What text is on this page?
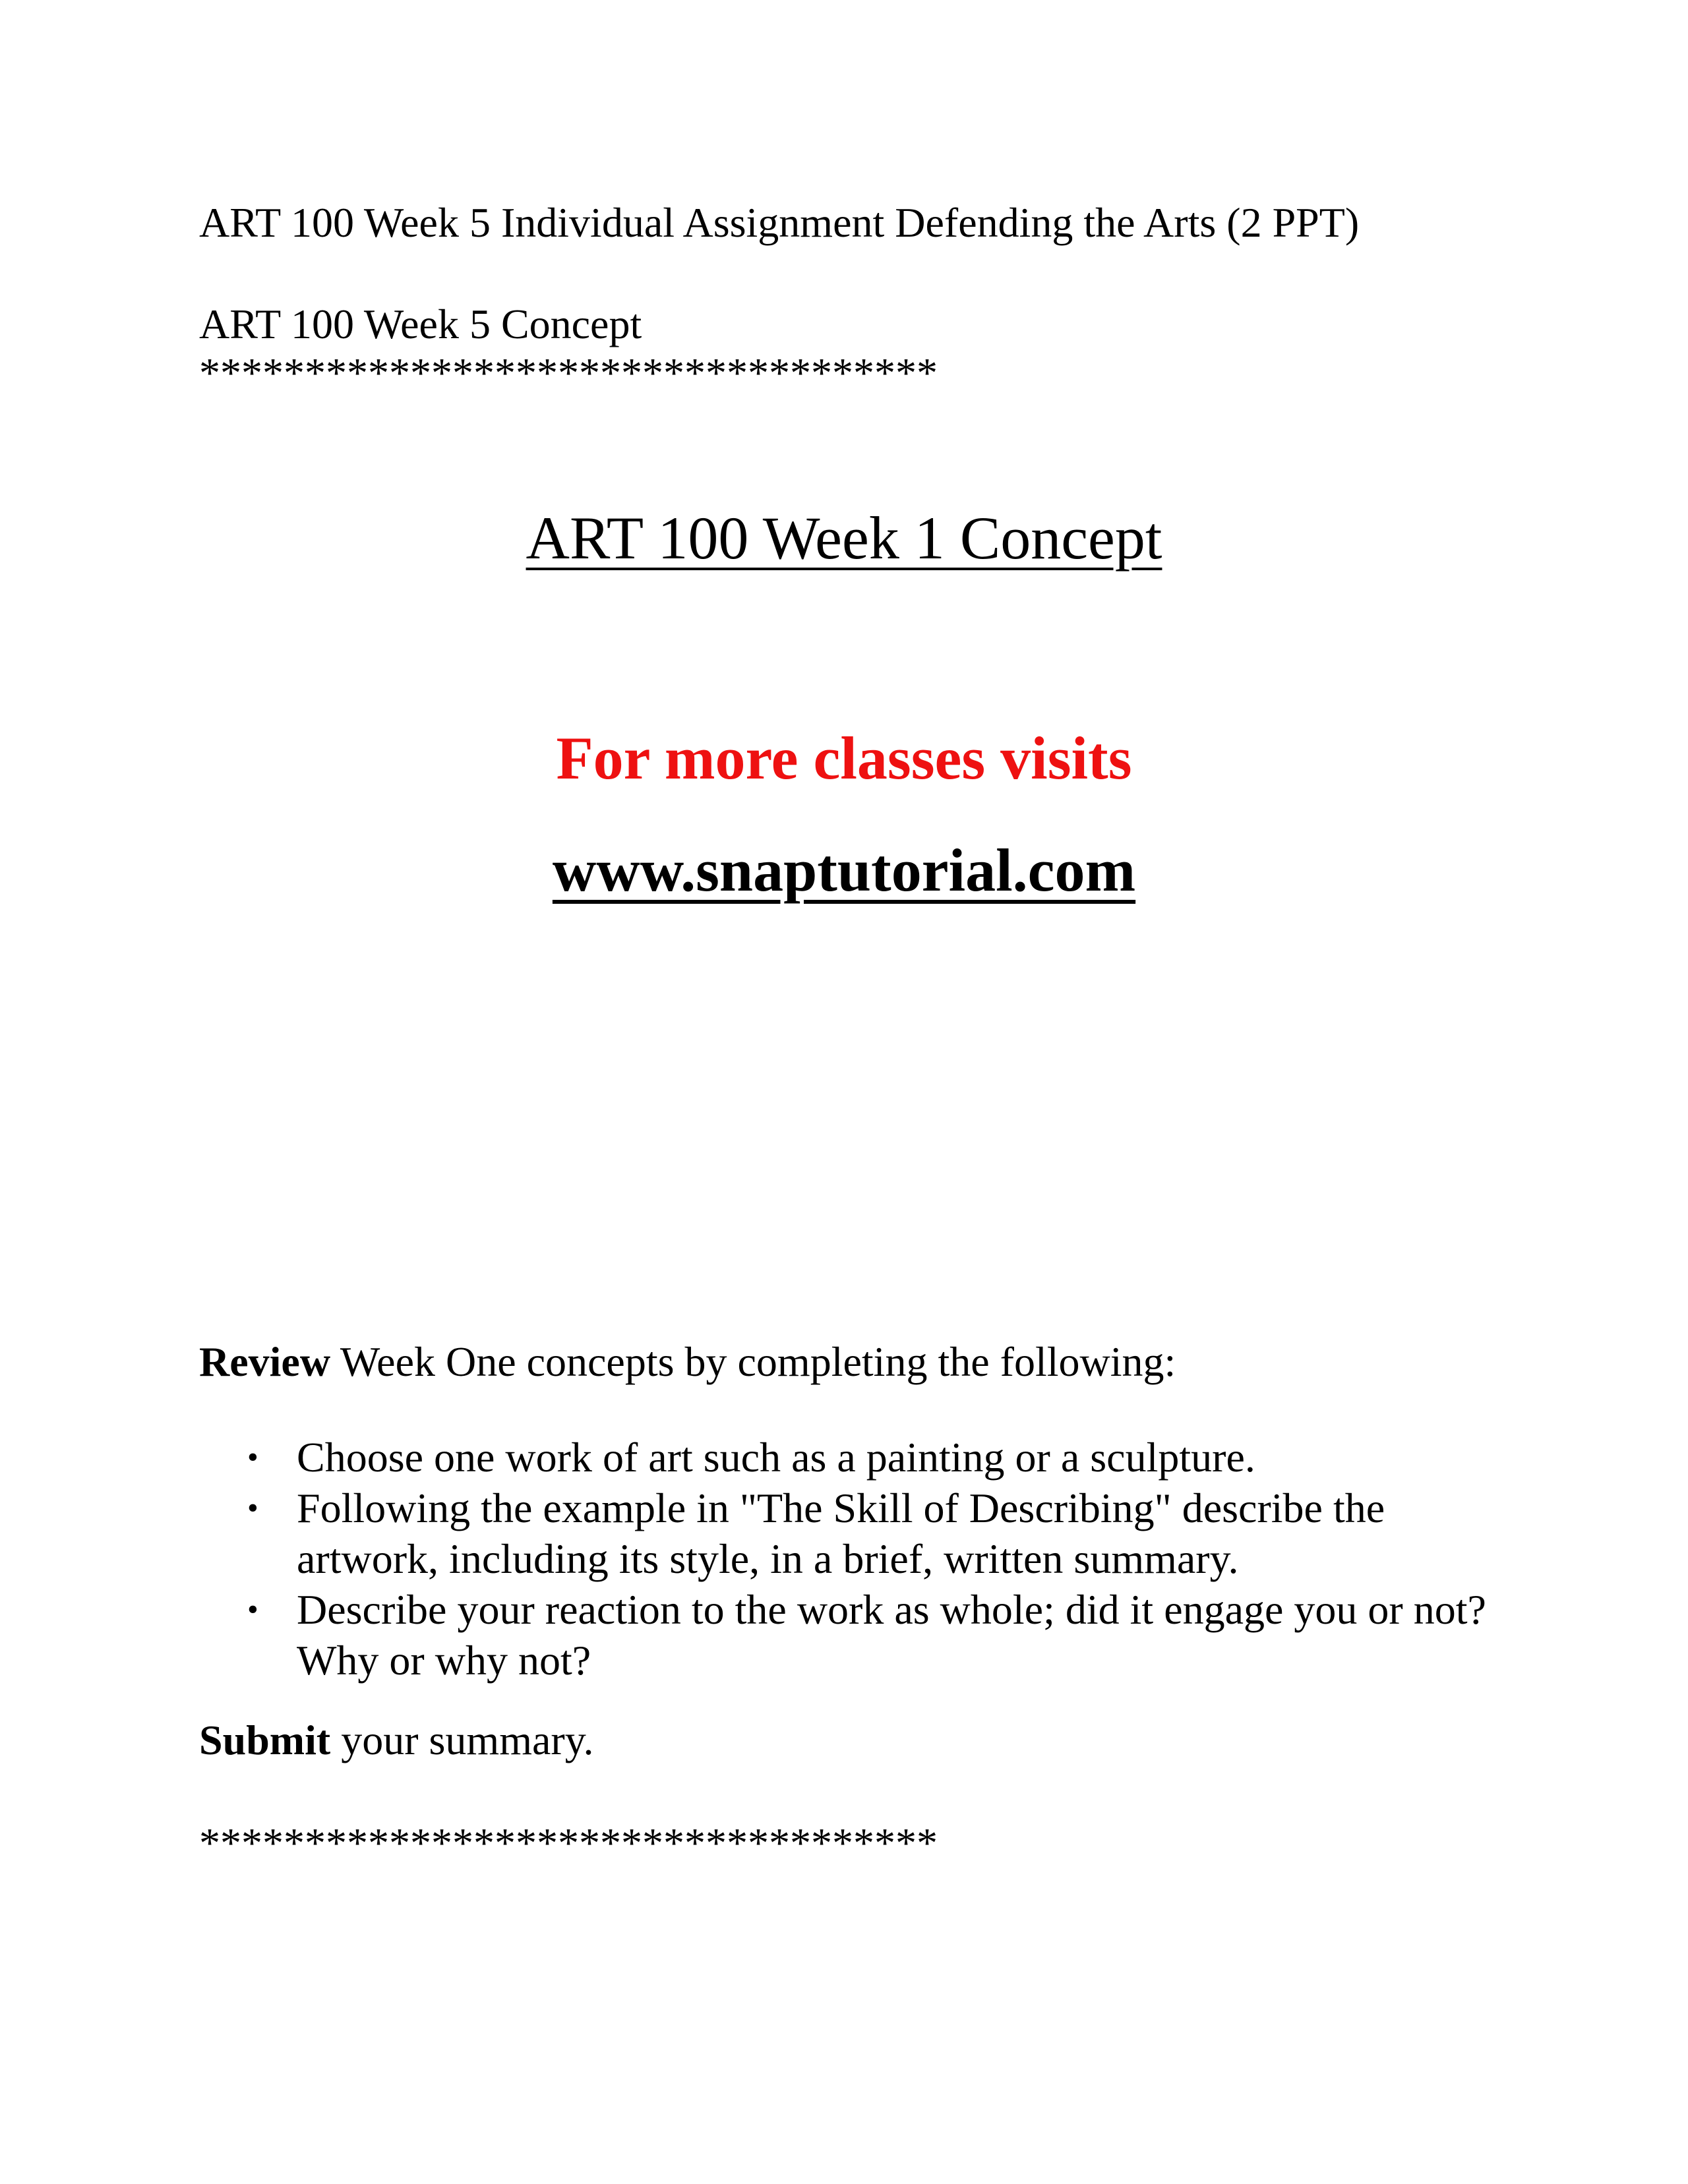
ART 100 Week 5 Individual Assignment Defending the Arts (2 PPT)

ART 100 Week 5 Concept

***********************************

ART 100 Week 1 Concept

For more classes visits

www.snaptutorial.com

Review Week One concepts by completing the following:

• Choose one work of art such as a painting or a sculpture.
• Following the example in "The Skill of Describing" describe the artwork, including its style, in a brief, written summary.
• Describe your reaction to the work as whole; did it engage you or not? Why or why not?

Submit your summary.

***********************************
